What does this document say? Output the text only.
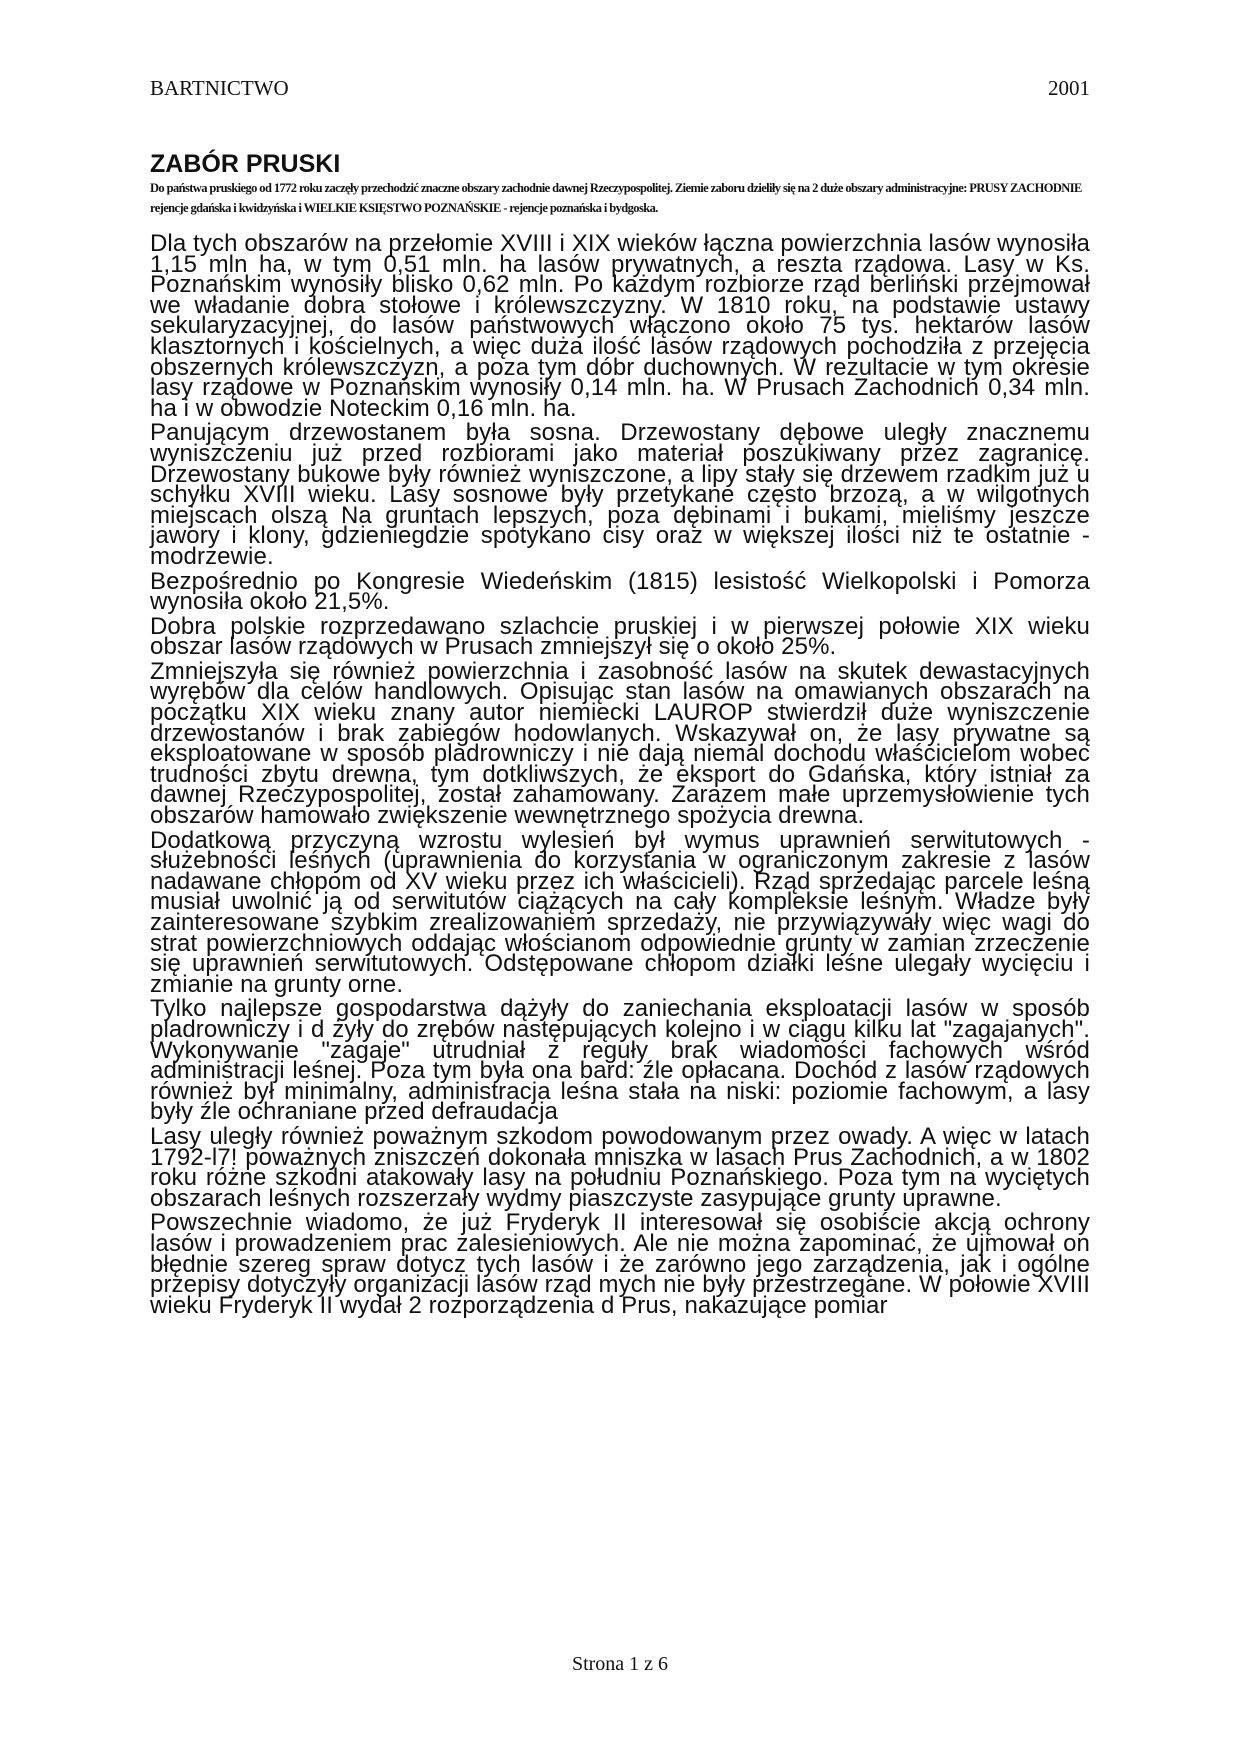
BARTNICTWO	2001
ZABÓR PRUSKI

Do państwa pruskiego od 1772 roku zaczęły przechodzić znaczne obszary zachodnie dawnej Rzeczypospolitej. Ziemie zaboru dzieliły się na 2 duże obszary administracyjne: PRUSY ZACHODNIE rejencje gdańska i kwidzyńska i WIELKIE KSIĘSTWO POZNAŃSKIE - rejencje poznańska i bydgoska.

Dla tych obszarów na przełomie XVIII i XIX wieków łączna powierzchnia lasów wynosiła 1,15 mln ha, w tym 0,51 mln. ha lasów prywatnych, a reszta rządowa. Lasy w Ks. Poznańskim wynosiły blisko 0,62 mln. Po każdym rozbiorze rząd berliński przejmował we władanie dobra stołowe i królewszczyzny. W 1810 roku, na podstawie ustawy sekularyzacyjnej, do lasów państwowych włączono około 75 tys. hektarów lasów klasztornych i kościelnych, a więc duża ilość lasów rządowych pochodziła z przejęcia obszernych królewszczyzn, a poza tym dóbr duchownych. W rezultacie w tym okresie lasy rządowe w Poznańskim wynosiły 0,14 mln. ha. W Prusach Zachodnich 0,34 mln. ha i w obwodzie Noteckim 0,16 mln. ha.

Panującym drzewostanem była sosna. Drzewostany dębowe uległy znacznemu wyniszczeniu już przed rozbiorami jako materiał poszukiwany przez zagranicę. Drzewostany bukowe były również wyniszczone, a lipy stały się drzewem rzadkim już u schyłku XVIII wieku. Lasy sosnowe były przetykane często brzozą, a w wilgotnych miejscach olszą Na gruntach lepszych, poza dębinami i bukami, mieliśmy jeszcze jawory i klony, gdzieniegdzie spotykano cisy oraz w większej ilości niż te ostatnie - modrzewie.

Bezpośrednio po Kongresie Wiedeńskim (1815) lesistość Wielkopolski i Pomorza wynosiła około 21,5%.

Dobra polskie rozprzedawano szlachcie pruskiej i w pierwszej połowie XIX wieku obszar lasów rządowych w Prusach zmniejszył się o około 25%.

Zmniejszyła się również powierzchnia i zasobność lasów na skutek dewastacyjnych wyrębów dla celów handlowych. Opisując stan lasów na omawianych obszarach na początku XIX wieku znany autor niemiecki LAUROP stwierdził duże wyniszczenie drzewostanów i brak zabiegów hodowlanych. Wskazywał on, że lasy prywatne są eksploatowane w sposób pladrowniczy i nie dają niemal dochodu właścicielom wobec trudności zbytu drewna, tym dotkliwszych, że eksport do Gdańska, który istniał za dawnej Rzeczypospolitej, został zahamowany. Zarazem małe uprzemysłowienie tych obszarów hamowało zwiększenie wewnętrznego spożycia drewna.

Dodatkową przyczyną wzrostu wylesień był wymus uprawnień serwitutowych - służebności leśnych (uprawnienia do korzystania w ograniczonym zakresie z lasów nadawane chłopom od XV wieku przez ich właścicieli). Rząd sprzedając parcele leśną musiał uwolnić ją od serwitutów ciążących na cały kompleksie leśnym. Władze były zainteresowane szybkim zrealizowaniem sprzedaży, nie przywiązywały więc wagi do strat powierzchniowych oddając włościanom odpowiednie grunty w zamian zrzeczenie się uprawnień serwitutowych. Odstępowane chłopom działki leśne ulegały wycięciu i zmianie na grunty orne.

Tylko najlepsze gospodarstwa dążyły do zaniechania eksploatacji lasów w sposób pladrowniczy i d żyły do zrębów następujących kolejno i w ciągu kilku lat "zagajanych". Wykonywanie "zagaje" utrudniał z reguły brak wiadomości fachowych wśród administracji leśnej. Poza tym była ona bard: źle opłacana. Dochód z lasów rządowych również był minimalny, administracja leśna stała na niski: poziomie fachowym, a lasy były źle ochraniane przed defraudacja

Lasy uległy również poważnym szkodom powodowanym przez owady. A więc w latach 1792-l7! poważnych zniszczeń dokonała mniszka w lasach Prus Zachodnich, a w 1802 roku różne szkodni atakowały lasy na południu Poznańskiego. Poza tym na wyciętych obszarach leśnych rozszerzały wydmy piaszczyste zasypujące grunty uprawne.

Powszechnie wiadomo, że już Fryderyk II interesował się osobiście akcją ochrony lasów i prowadzeniem prac zalesieniowych. Ale nie można zapominać, że ujmował on błędnie szereg spraw dotycz tych lasów i że zarówno jego zarządzenia, jak i ogólne przepisy dotyczyły organizacji lasów rząd mych nie były przestrzegane. W połowie XVIII wieku Fryderyk II wydał 2 rozporządzenia d Prus, nakazujące pomiar

Strona 1 z 6
